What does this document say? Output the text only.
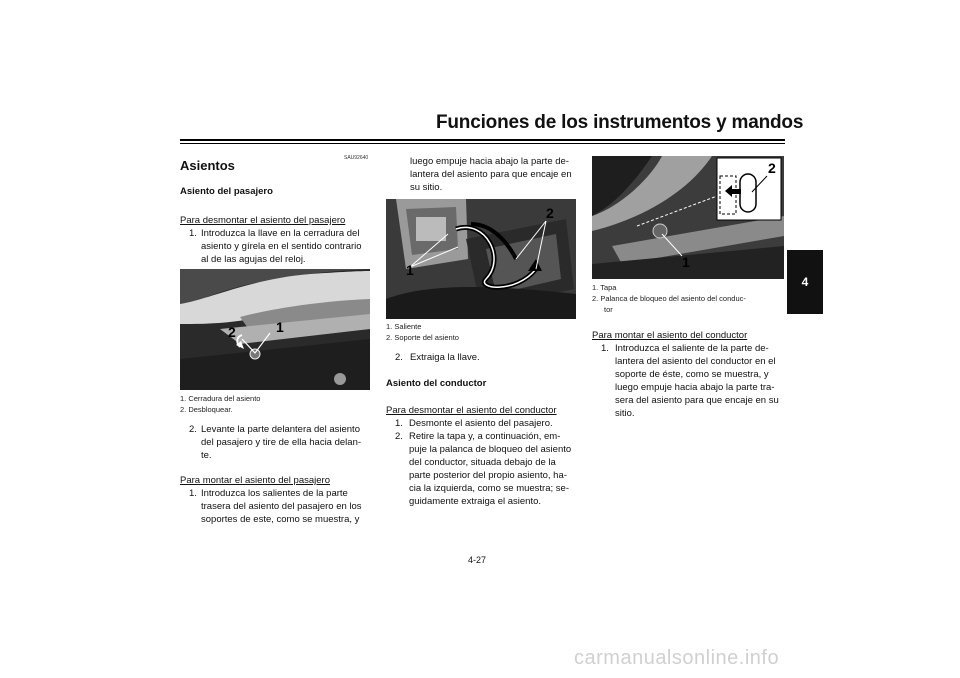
Funciones de los instrumentos y mandos
4
SAU92640
Asientos
Asiento del pasajero
Para desmontar el asiento del pasajero
1. Introduzca la llave en la cerradura del
asiento y gírela en el sentido contrario
al de las agujas del reloj.
2	1
1. Cerradura del asiento
2. Desbloquear.
2. Levante la parte delantera del asiento
del pasajero y tire de ella hacia delan-
te.
Para montar el asiento del pasajero
1. Introduzca los salientes de la parte
trasera del asiento del pasajero en los
soportes de este, como se muestra, y
luego empuje hacia abajo la parte de-
lantera del asiento para que encaje en
su sitio.
1
2
1. Saliente
2. Soporte del asiento
2. Extraiga la llave.
Asiento del conductor
Para desmontar el asiento del conductor
1. Desmonte el asiento del pasajero.
2. Retire la tapa y, a continuación, em-
puje la palanca de bloqueo del asiento
del conductor, situada debajo de la
parte posterior del propio asiento, ha-
cia la izquierda, como se muestra; se-
guidamente extraiga el asiento.
2
1
1. Tapa
2. Palanca de bloqueo del asiento del conduc-
tor
Para montar el asiento del conductor
1. Introduzca el saliente de la parte de-
lantera del asiento del conductor en el
soporte de éste, como se muestra, y
luego empuje hacia abajo la parte tra-
sera del asiento para que encaje en su
sitio.
4-27
carmanualsonline.info
